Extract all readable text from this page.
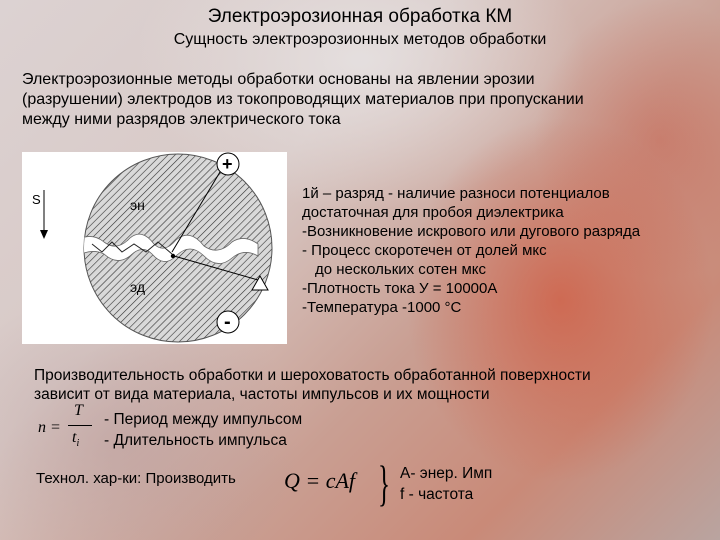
Электроэрозионная обработка КМ
Сущность электроэрозионных методов обработки
Электроэрозионные методы обработки основаны на явлении эрозии
(разрушении) электродов из токопроводящих материалов при пропускании
между ними разрядов электрического тока
S	эн
эд
+
-
1й – разряд - наличие разноси потенциалов
достаточная для пробоя диэлектрика
-Возникновение искрового или дугового разряда
- Процесс скоротечен от долей мкс
до нескольких сотен мкс
-Плотность тока У = 10000А
-Температура -1000 °С
Производительность обработки и шероховатость обработанной поверхности
зависит от вида материала, частоты импульсов и их мощности
n =
T
$t_i$
- Период между импульсом
- Длительность импульса
Технол. хар-ки: Производить Q = cAf } А- энер. Имп
f - частота
